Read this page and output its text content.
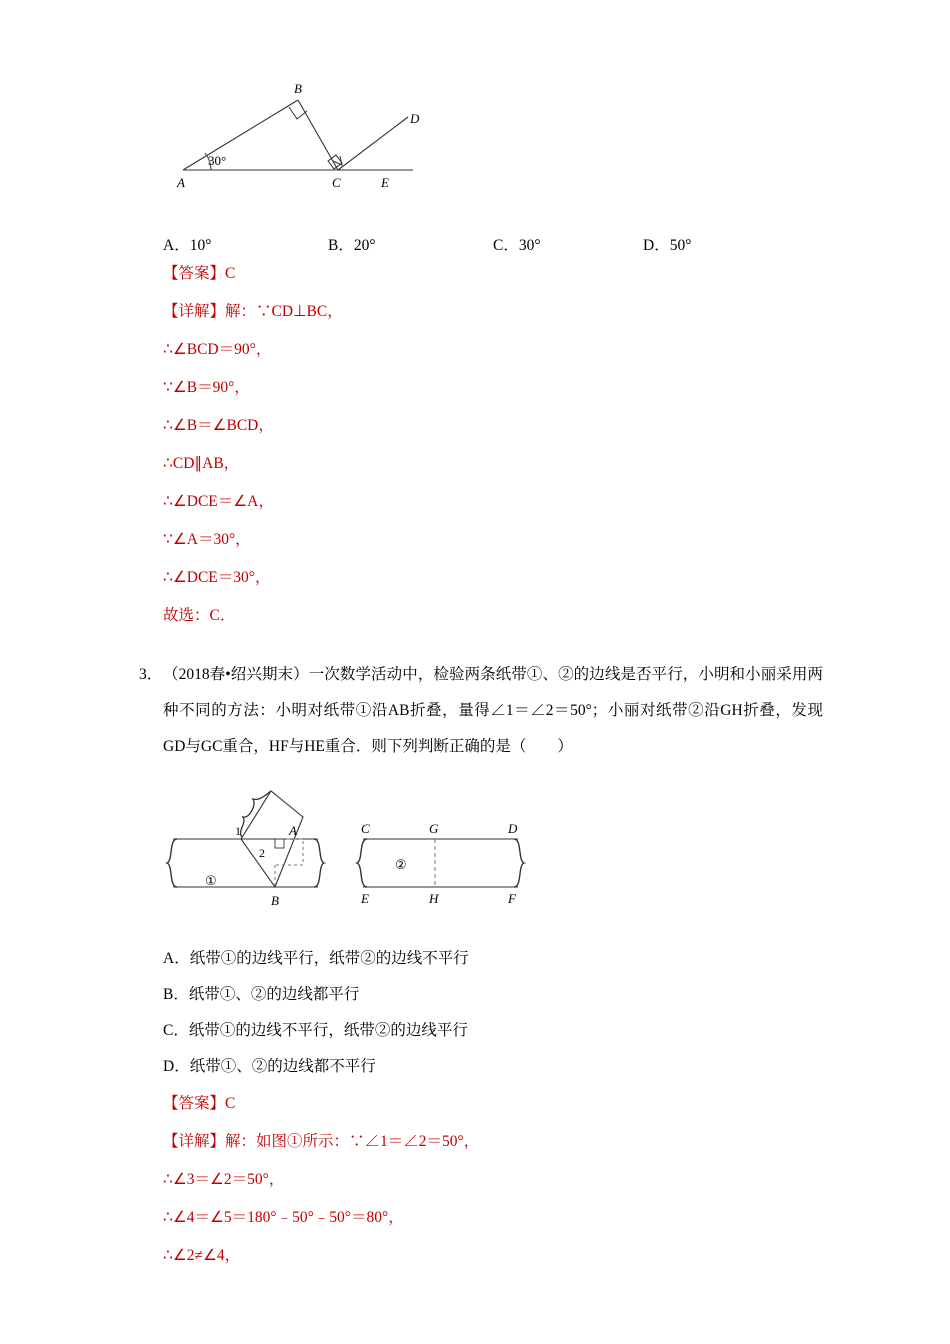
30°
A
B
C
D
E
A．10°	B．20°	C．30°	D．50°
【答案】C
【详解】解：∵CD⊥BC，
∴∠BCD＝90°，
∵∠B＝90°，
∴∠B＝∠BCD，
∴CD∥AB，
∴∠DCE＝∠A，
∵∠A＝30°，
∴∠DCE＝30°，
故选：C．
3． （2018春•绍兴期末）一次数学活动中，检验两条纸带①、②的边线是否平行，小明和小丽采用两种不同的方法：小明对纸带①沿AB折叠，量得∠1＝∠2＝50°；小丽对纸带②沿GH折叠，发现GD与GC重合，HF与HE重合．则下列判断正确的是（　　）
①
1
2
A
B
②
C	G	D
E	H	F
A．纸带①的边线平行，纸带②的边线不平行
B．纸带①、②的边线都平行
C．纸带①的边线不平行，纸带②的边线平行
D．纸带①、②的边线都不平行
【答案】C
【详解】解：如图①所示：∵∠1＝∠2＝50°，
∴∠3＝∠2＝50°，
∴∠4＝∠5＝180°﹣50°﹣50°＝80°，
∴∠2≠∠4，
